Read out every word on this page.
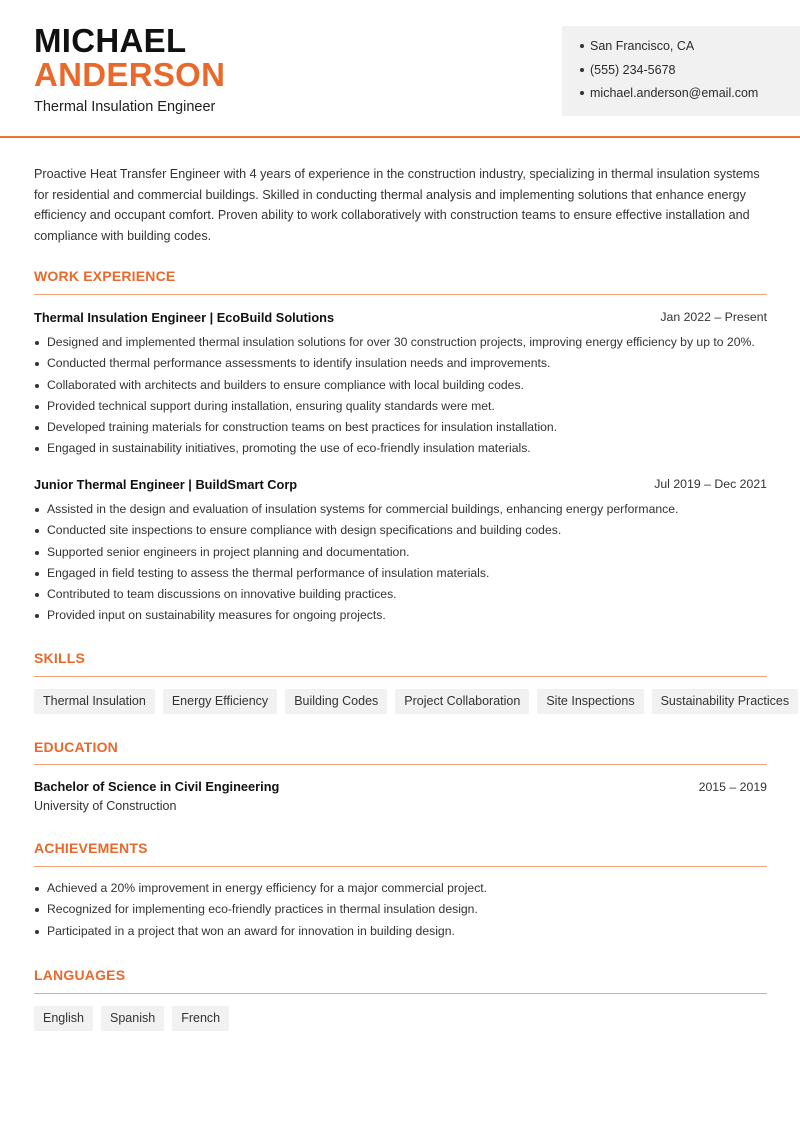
MICHAEL
ANDERSON
Thermal Insulation Engineer
San Francisco, CA
(555) 234-5678
michael.anderson@email.com

Proactive Heat Transfer Engineer with 4 years of experience in the construction industry, specializing in thermal insulation systems for residential and commercial buildings. Skilled in conducting thermal analysis and implementing solutions that enhance energy efficiency and occupant comfort. Proven ability to work collaboratively with construction teams to ensure effective installation and compliance with building codes.

WORK EXPERIENCE
Thermal Insulation Engineer | EcoBuild Solutions	Jan 2022 – Present
Designed and implemented thermal insulation solutions for over 30 construction projects, improving energy efficiency by up to 20%.
Conducted thermal performance assessments to identify insulation needs and improvements.
Collaborated with architects and builders to ensure compliance with local building codes.
Provided technical support during installation, ensuring quality standards were met.
Developed training materials for construction teams on best practices for insulation installation.
Engaged in sustainability initiatives, promoting the use of eco-friendly insulation materials.
Junior Thermal Engineer | BuildSmart Corp	Jul 2019 – Dec 2021
Assisted in the design and evaluation of insulation systems for commercial buildings, enhancing energy performance.
Conducted site inspections to ensure compliance with design specifications and building codes.
Supported senior engineers in project planning and documentation.
Engaged in field testing to assess the thermal performance of insulation materials.
Contributed to team discussions on innovative building practices.
Provided input on sustainability measures for ongoing projects.
SKILLS
Thermal Insulation	Energy Efficiency	Building Codes	Project Collaboration	Site Inspections	Sustainability Practices
EDUCATION
Bachelor of Science in Civil Engineering	2015 – 2019
University of Construction
ACHIEVEMENTS
Achieved a 20% improvement in energy efficiency for a major commercial project.
Recognized for implementing eco-friendly practices in thermal insulation design.
Participated in a project that won an award for innovation in building design.
LANGUAGES
English	Spanish	French
